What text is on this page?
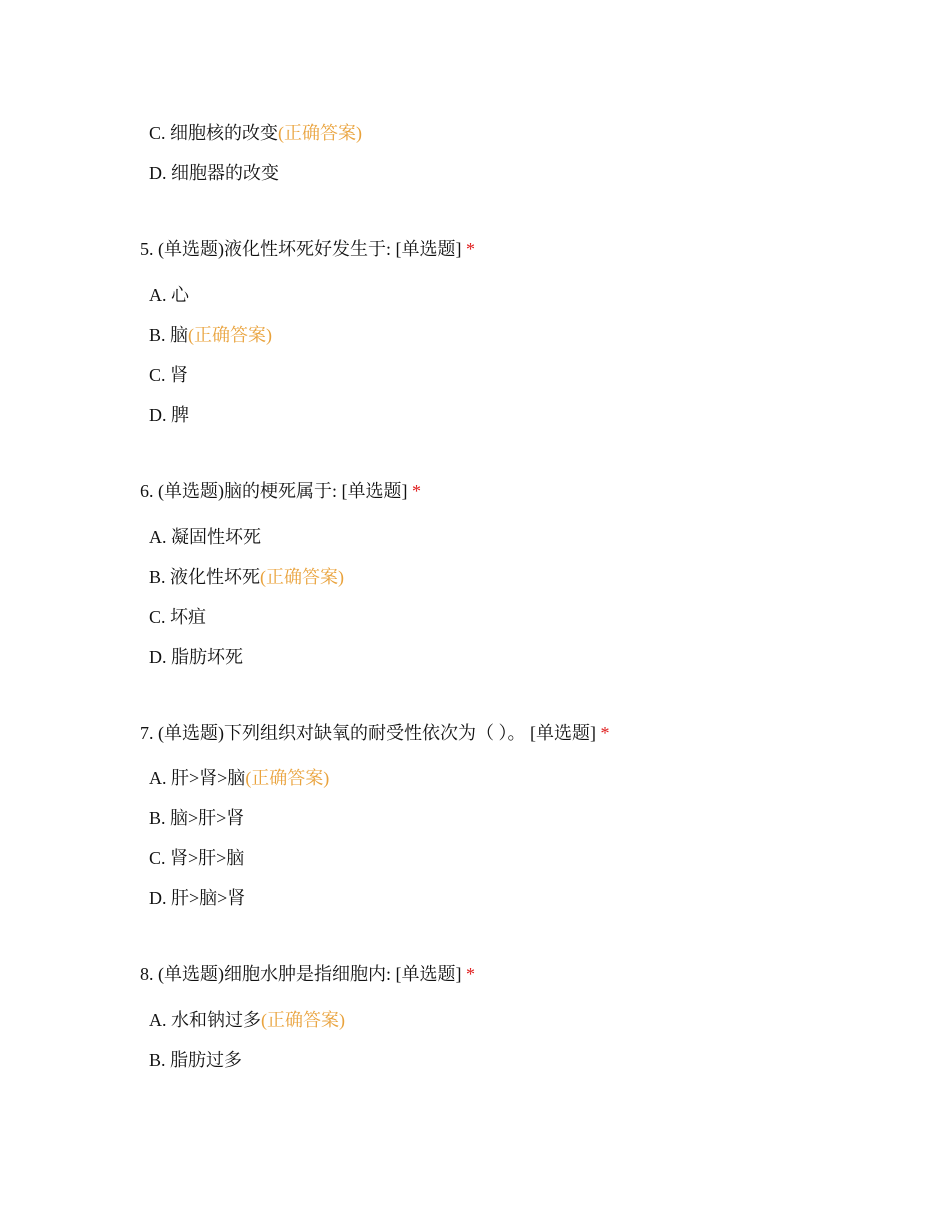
C. 细胞核的改变(正确答案)
D. 细胞器的改变
5. (单选题)液化性坏死好发生于: [单选题] *
A. 心
B. 脑(正确答案)
C. 肾
D. 脾
6. (单选题)脑的梗死属于: [单选题] *
A. 凝固性坏死
B. 液化性坏死(正确答案)
C. 坏疽
D. 脂肪坏死
7. (单选题)下列组织对缺氧的耐受性依次为（ ）。 [单选题] *
A. 肝>肾>脑(正确答案)
B. 脑>肝>肾
C. 肾>肝>脑
D. 肝>脑>肾
8. (单选题)细胞水肿是指细胞内: [单选题] *
A. 水和钠过多(正确答案)
B. 脂肪过多
